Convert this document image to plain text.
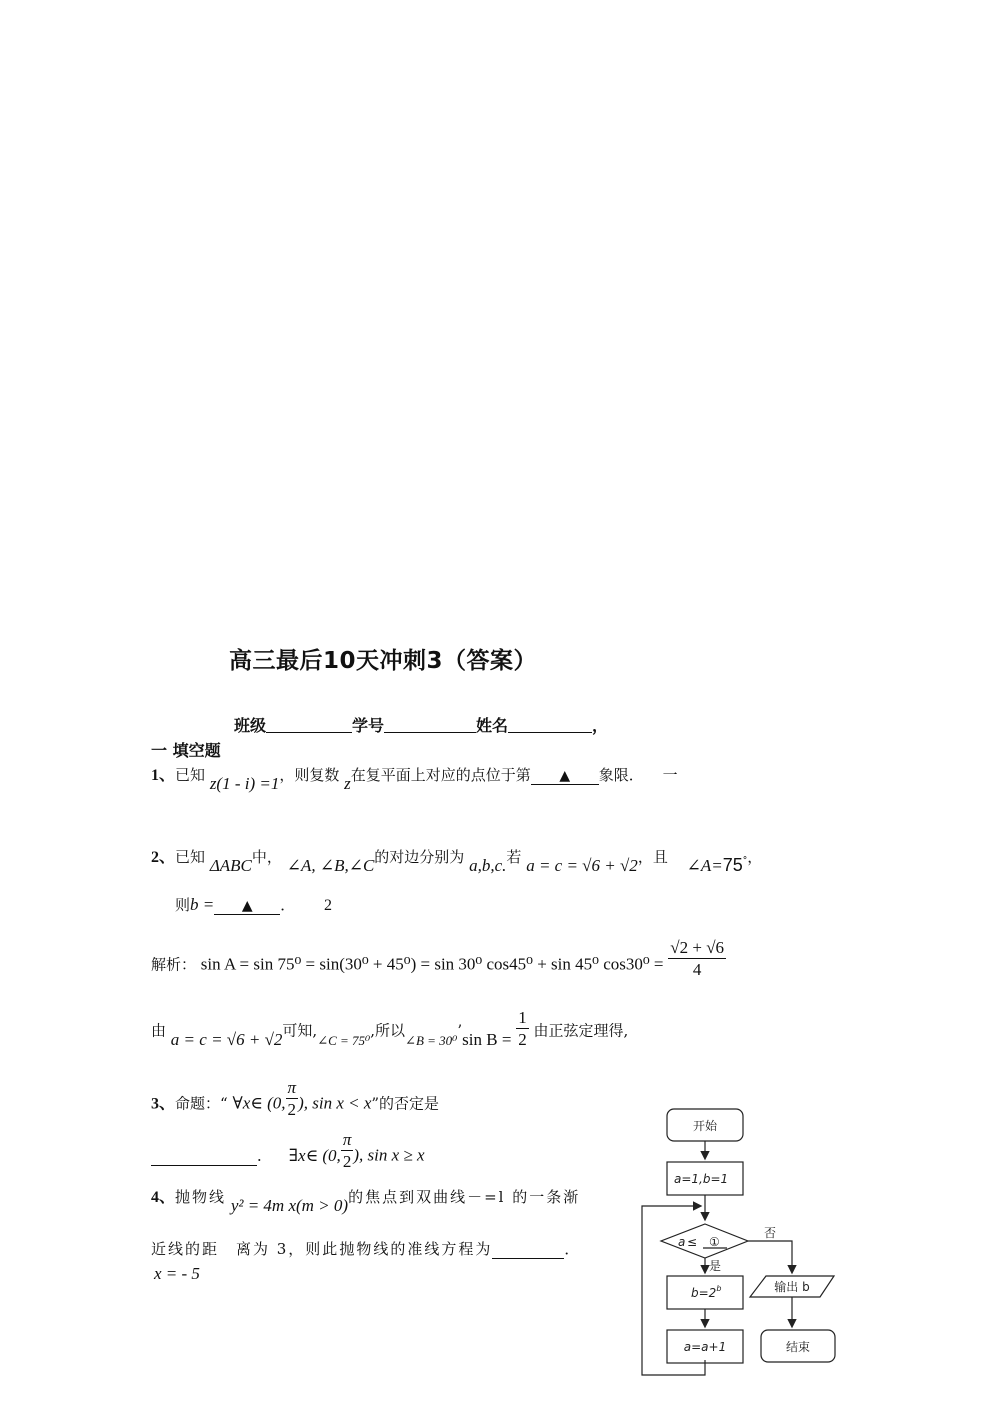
高三最后10天冲刺3（答案）
班级	学号	姓名	，
一 填空题
1、已知 z(1 - i) =1，则复数 z在复平面上对应的点位于第 ▲ 象限． 一
2、已知 ΔABC中， ∠A, ∠B,∠C的对边分别为 a,b,c.若 a = c = √6 + √2，且 ∠A=75°，
则b = ▲ ． 2
解析： sin A = sin 75⁰ = sin(30⁰ + 45⁰) = sin 30⁰ cos45⁰ + sin 45⁰ $\cos 30^0 = \frac{√2 + √6}{4}$
由 a = c = √6 + √2可知,∠C = 75⁰,所以∠B = 30⁰’sin $B = \frac{1}{2}$ 由正弦定理得,
3、命题：“ ∀x∈ (0, $\frac{\pi}{2}$ ), sin x < x”的否定是
． ∃x∈ (0, $\frac{\pi}{2}$ ), sin x ≥ x
4、抛物线 y² = 4m x(m > 0)的焦点到双曲线－=l 的一条渐
近线的距　离为 3，则此抛物线的准线方程为	．
x = - 5
开始
a=1,b=1
a ≤ ①
否
是
$b=2^b$
a=a+1
输出 b
结束
